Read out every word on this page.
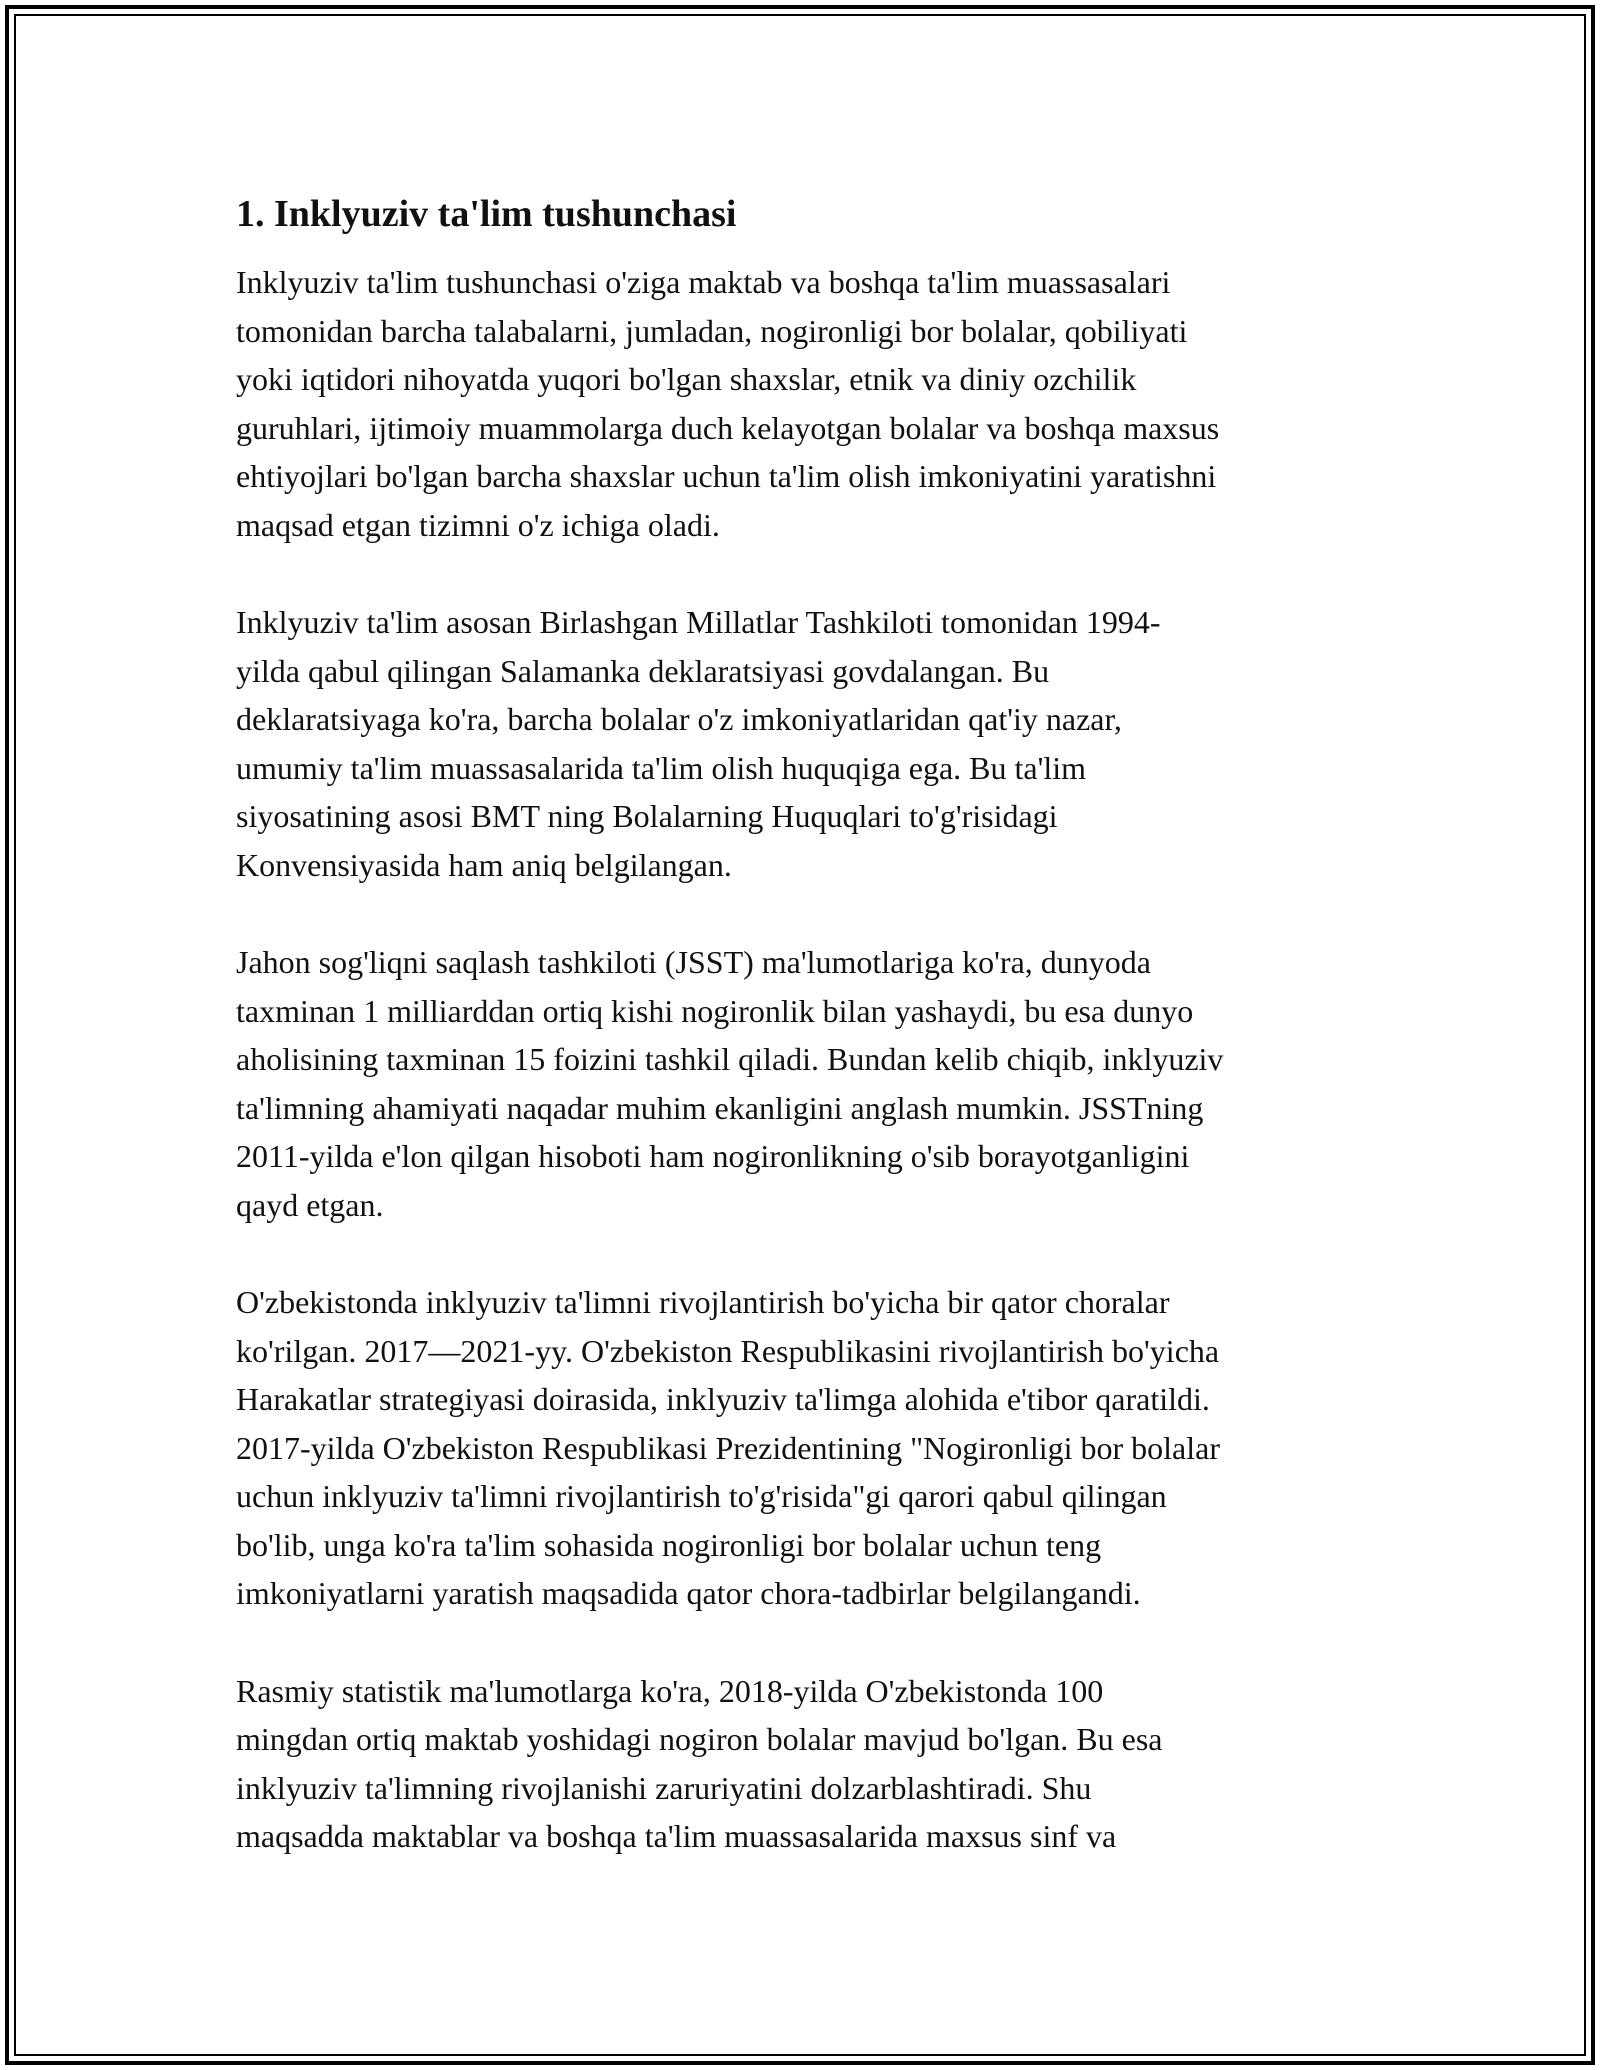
1. Inklyuziv ta'lim tushunchasi

Inklyuziv ta'lim tushunchasi o'ziga maktab va boshqa ta'lim muassasalari
tomonidan barcha talabalarni, jumladan, nogironligi bor bolalar, qobiliyati
yoki iqtidori nihoyatda yuqori bo'lgan shaxslar, etnik va diniy ozchilik
guruhlari, ijtimoiy muammolarga duch kelayotgan bolalar va boshqa maxsus
ehtiyojlari bo'lgan barcha shaxslar uchun ta'lim olish imkoniyatini yaratishni
maqsad etgan tizimni o'z ichiga oladi.

Inklyuziv ta'lim asosan Birlashgan Millatlar Tashkiloti tomonidan 1994-
yilda qabul qilingan Salamanka deklaratsiyasi govdalangan. Bu
deklaratsiyaga ko'ra, barcha bolalar o'z imkoniyatlaridan qat'iy nazar,
umumiy ta'lim muassasalarida ta'lim olish huquqiga ega. Bu ta'lim
siyosatining asosi BMT ning Bolalarning Huquqlari to'g'risidagi
Konvensiyasida ham aniq belgilangan.

Jahon sog'liqni saqlash tashkiloti (JSST) ma'lumotlariga ko'ra, dunyoda
taxminan 1 milliarddan ortiq kishi nogironlik bilan yashaydi, bu esa dunyo
aholisining taxminan 15 foizini tashkil qiladi. Bundan kelib chiqib, inklyuziv
ta'limning ahamiyati naqadar muhim ekanligini anglash mumkin. JSSTning
2011-yilda e'lon qilgan hisoboti ham nogironlikning o'sib borayotganligini
qayd etgan.

O'zbekistonda inklyuziv ta'limni rivojlantirish bo'yicha bir qator choralar
ko'rilgan. 2017—2021-yy. O'zbekiston Respublikasini rivojlantirish bo'yicha
Harakatlar strategiyasi doirasida, inklyuziv ta'limga alohida e'tibor qaratildi.
2017-yilda O'zbekiston Respublikasi Prezidentining "Nogironligi bor bolalar
uchun inklyuziv ta'limni rivojlantirish to'g'risida"gi qarori qabul qilingan
bo'lib, unga ko'ra ta'lim sohasida nogironligi bor bolalar uchun teng
imkoniyatlarni yaratish maqsadida qator chora-tadbirlar belgilangandi.

Rasmiy statistik ma'lumotlarga ko'ra, 2018-yilda O'zbekistonda 100
mingdan ortiq maktab yoshidagi nogiron bolalar mavjud bo'lgan. Bu esa
inklyuziv ta'limning rivojlanishi zaruriyatini dolzarblashtiradi. Shu
maqsadda maktablar va boshqa ta'lim muassasalarida maxsus sinf va
